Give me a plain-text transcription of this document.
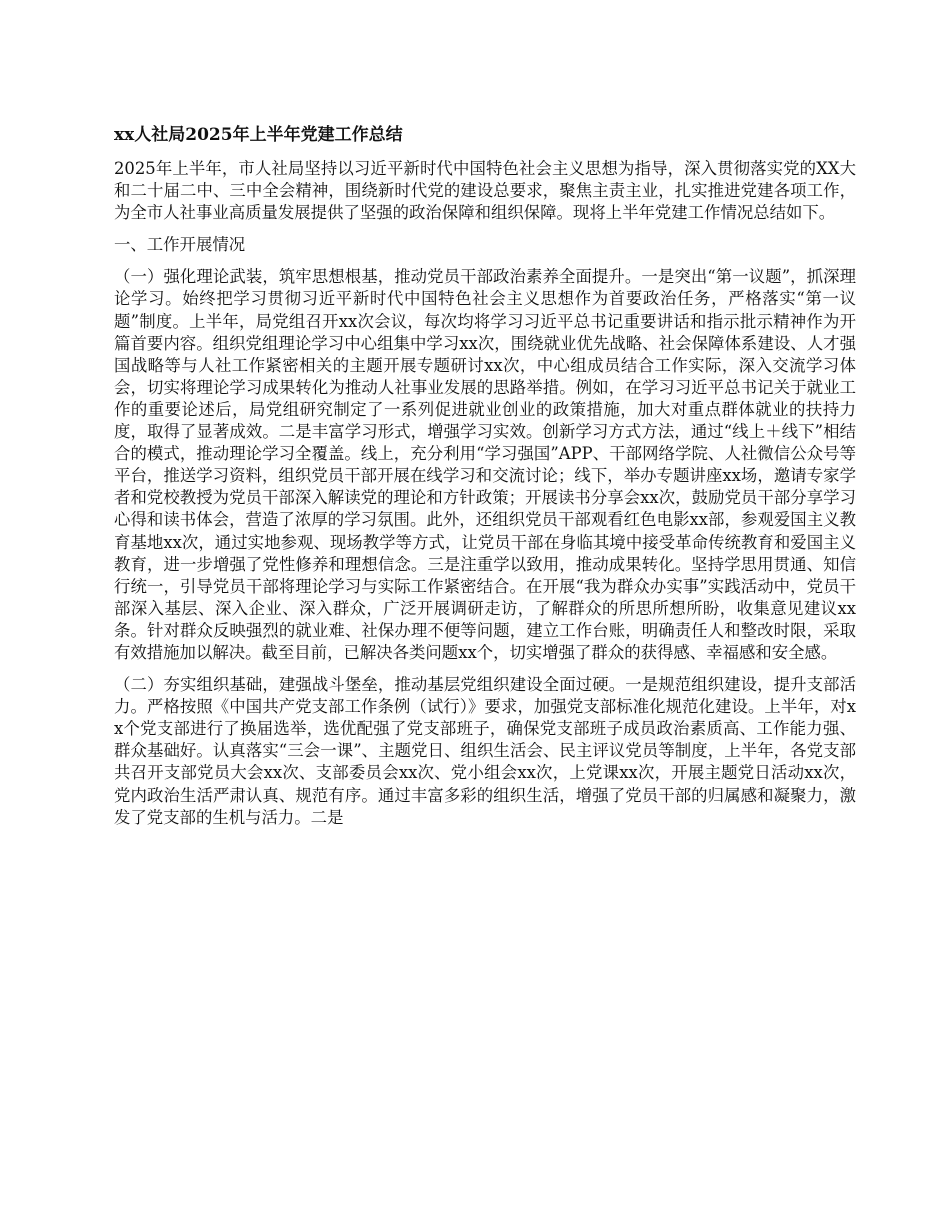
xx人社局2025年上半年党建工作总结
2025年上半年，市人社局坚持以习近平新时代中国特色社会主义思想为指导，深入贯彻落实党的XX大和二十届二中、三中全会精神，围绕新时代党的建设总要求，聚焦主责主业，扎实推进党建各项工作，为全市人社事业高质量发展提供了坚强的政治保障和组织保障。现将上半年党建工作情况总结如下。
一、工作开展情况
（一）强化理论武装，筑牢思想根基，推动党员干部政治素养全面提升。一是突出“第一议题”，抓深理论学习。始终把学习贯彻习近平新时代中国特色社会主义思想作为首要政治任务，严格落实“第一议题”制度。上半年，局党组召开xx次会议，每次均将学习习近平总书记重要讲话和指示批示精神作为开篇首要内容。组织党组理论学习中心组集中学习xx次，围绕就业优先战略、社会保障体系建设、人才强国战略等与人社工作紧密相关的主题开展专题研讨xx次，中心组成员结合工作实际，深入交流学习体会，切实将理论学习成果转化为推动人社事业发展的思路举措。例如，在学习习近平总书记关于就业工作的重要论述后，局党组研究制定了一系列促进就业创业的政策措施，加大对重点群体就业的扶持力度，取得了显著成效。二是丰富学习形式，增强学习实效。创新学习方式方法，通过“线上＋线下”相结合的模式，推动理论学习全覆盖。线上，充分利用“学习强国”APP、干部网络学院、人社微信公众号等平台，推送学习资料，组织党员干部开展在线学习和交流讨论；线下，举办专题讲座xx场，邀请专家学者和党校教授为党员干部深入解读党的理论和方针政策；开展读书分享会xx次，鼓励党员干部分享学习心得和读书体会，营造了浓厚的学习氛围。此外，还组织党员干部观看红色电影xx部，参观爱国主义教育基地xx次，通过实地参观、现场教学等方式，让党员干部在身临其境中接受革命传统教育和爱国主义教育，进一步增强了党性修养和理想信念。三是注重学以致用，推动成果转化。坚持学思用贯通、知信行统一，引导党员干部将理论学习与实际工作紧密结合。在开展“我为群众办实事”实践活动中，党员干部深入基层、深入企业、深入群众，广泛开展调研走访，了解群众的所思所想所盼，收集意见建议xx条。针对群众反映强烈的就业难、社保办理不便等问题，建立工作台账，明确责任人和整改时限，采取有效措施加以解决。截至目前，已解决各类问题xx个，切实增强了群众的获得感、幸福感和安全感。
（二）夯实组织基础，建强战斗堡垒，推动基层党组织建设全面过硬。一是规范组织建设，提升支部活力。严格按照《中国共产党支部工作条例（试行）》要求，加强党支部标准化规范化建设。上半年，对xx个党支部进行了换届选举，选优配强了党支部班子，确保党支部班子成员政治素质高、工作能力强、群众基础好。认真落实“三会一课”、主题党日、组织生活会、民主评议党员等制度，上半年，各党支部共召开支部党员大会xx次、支部委员会xx次、党小组会xx次，上党课xx次，开展主题党日活动xx次，党内政治生活严肃认真、规范有序。通过丰富多彩的组织生活，增强了党员干部的归属感和凝聚力，激发了党支部的生机与活力。二是
